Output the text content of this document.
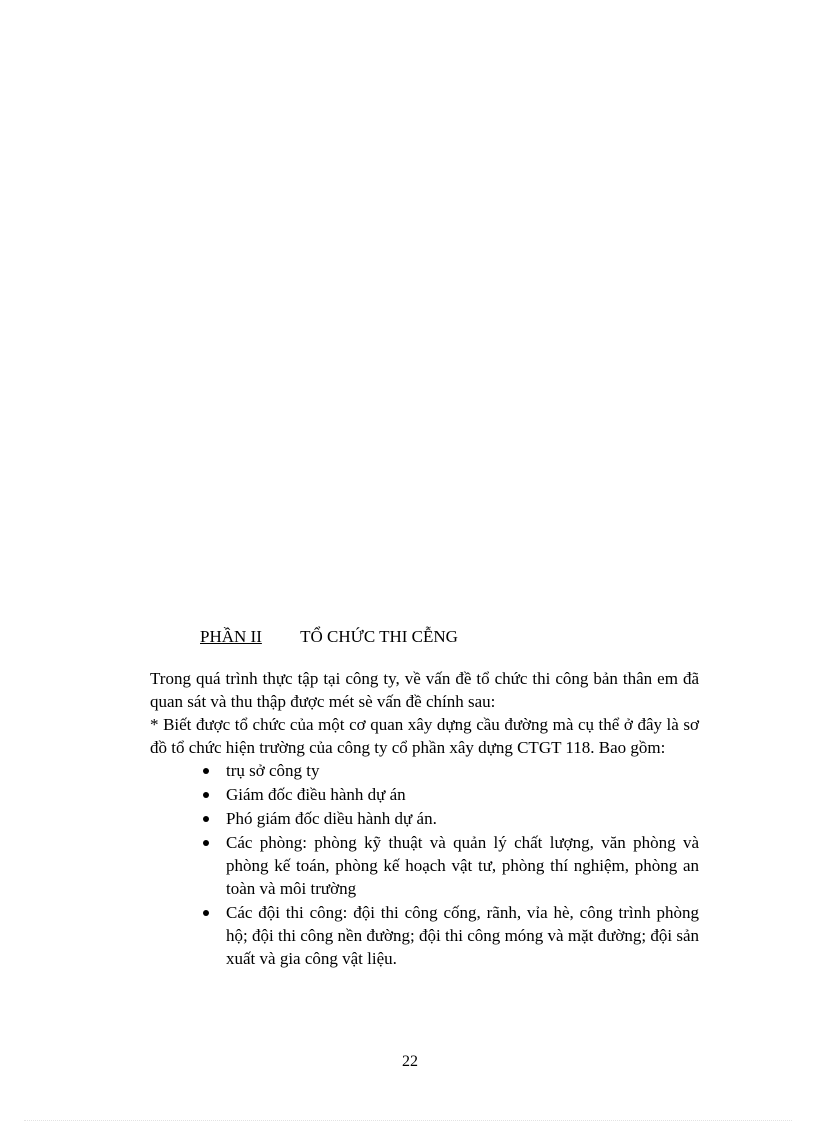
PHẦN II TỔ CHỨC THI CỄNG

Trong quá trình thực tập tại công ty, về vấn đề tổ chức thi công bản thân em đã quan sát và thu thập được mét sè vấn đề chính sau:

* Biết được tổ chức của một cơ quan xây dựng cầu đường mà cụ thể ở đây là sơ đồ tổ chức hiện trường của công ty cổ phần xây dựng CTGT 118. Bao gồm:

trụ sở công ty
Giám đốc điều hành dự án
Phó giám đốc diều hành dự án.
Các phòng: phòng kỹ thuật và quản lý chất lượng, văn phòng và phòng kế toán, phòng kế hoạch vật tư, phòng thí nghiệm, phòng an toàn và môi trường
Các đội thi công: đội thi công cống, rãnh, vỉa hè, công trình phòng hộ; đội thi công nền đường; đội thi công móng và mặt đường; đội sản xuất và gia công vật liệu.
22
